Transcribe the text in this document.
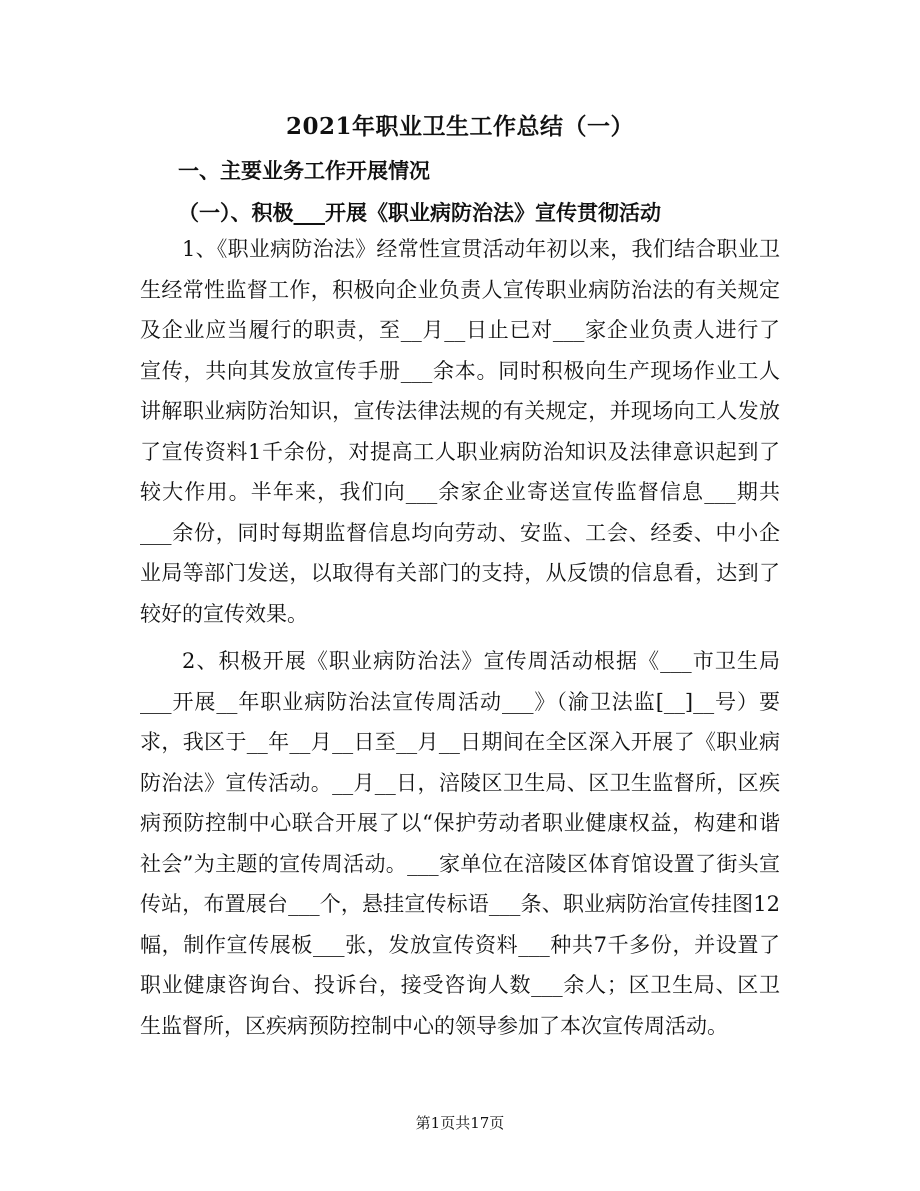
2021年职业卫生工作总结（一）
一、主要业务工作开展情况
（一）、积极___开展《职业病防治法》宣传贯彻活动

1、《职业病防治法》经常性宣贯活动年初以来，我们结合职业卫生经常性监督工作，积极向企业负责人宣传职业病防治法的有关规定及企业应当履行的职责，至__月__日止已对___家企业负责人进行了宣传，共向其发放宣传手册___余本。同时积极向生产现场作业工人讲解职业病防治知识，宣传法律法规的有关规定，并现场向工人发放了宣传资料1千余份，对提高工人职业病防治知识及法律意识起到了较大作用。半年来，我们向___余家企业寄送宣传监督信息___期共___余份，同时每期监督信息均向劳动、安监、工会、经委、中小企业局等部门发送，以取得有关部门的支持，从反馈的信息看，达到了较好的宣传效果。

2、积极开展《职业病防治法》宣传周活动根据《___市卫生局___开展__年职业病防治法宣传周活动___》（渝卫法监[__]__号）要求，我区于__年__月__日至__月__日期间在全区深入开展了《职业病防治法》宣传活动。__月__日，涪陵区卫生局、区卫生监督所，区疾病预防控制中心联合开展了以“保护劳动者职业健康权益，构建和谐社会”为主题的宣传周活动。___家单位在涪陵区体育馆设置了街头宣传站，布置展台___个，悬挂宣传标语___条、职业病防治宣传挂图12幅，制作宣传展板___张，发放宣传资料___种共7千多份，并设置了职业健康咨询台、投诉台，接受咨询人数___余人；区卫生局、区卫生监督所，区疾病预防控制中心的领导参加了本次宣传周活动。

第1页共17页
